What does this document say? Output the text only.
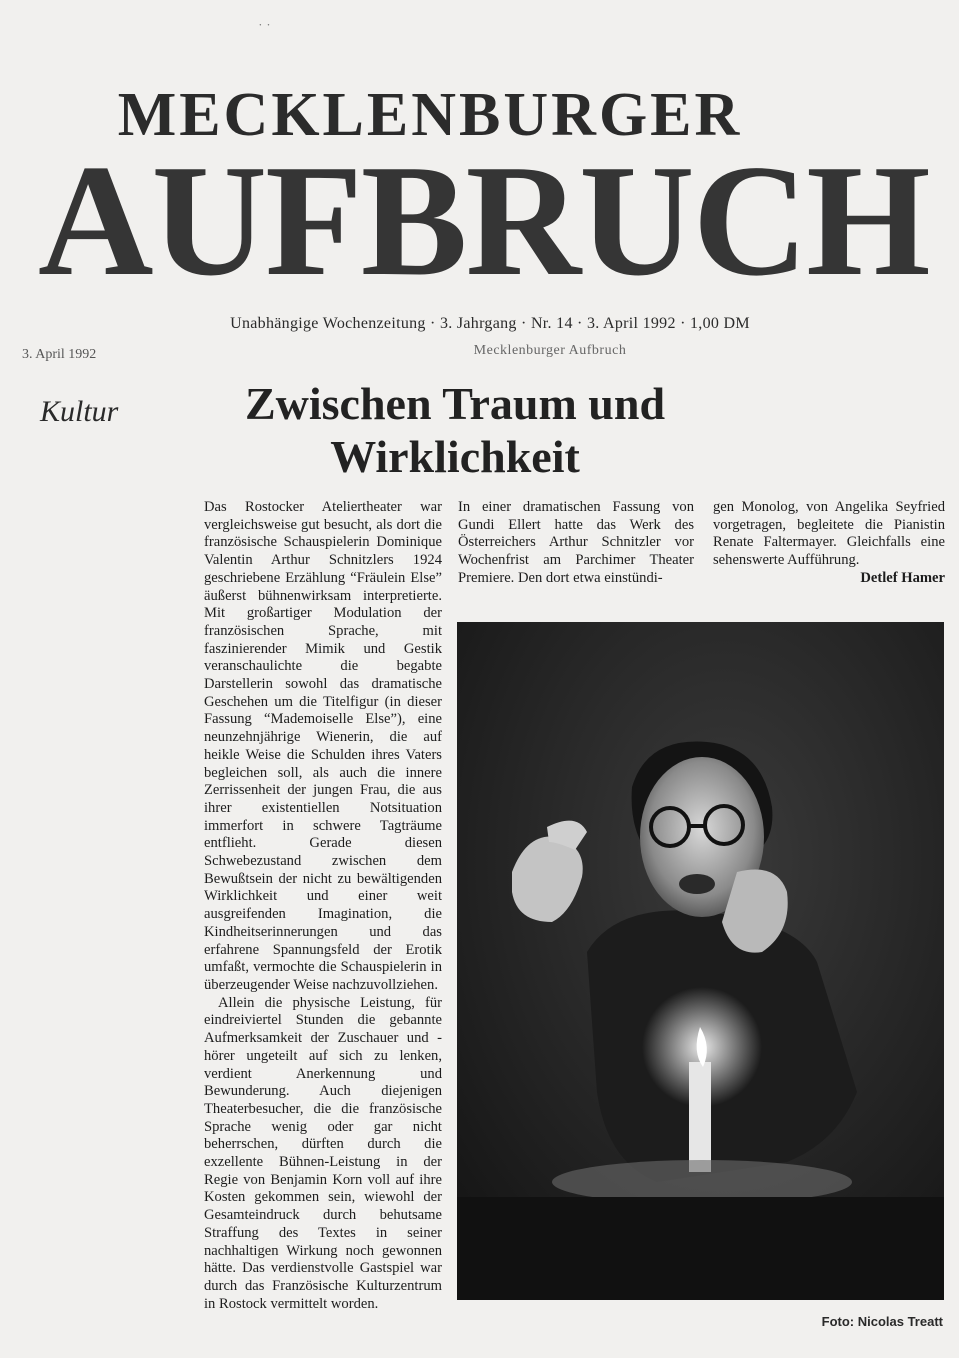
˙ ˙
MECKLENBURGER
AUFBRUCH
Unabhängige Wochenzeitung · 3. Jahrgang · Nr. 14 · 3. April 1992 · 1,00 DM
3. April 1992	Mecklenburger Aufbruch
Kultur	Zwischen Traum und Wirklichkeit

Das Rostocker Ateliertheater war vergleichsweise gut besucht, als dort die französische Schauspielerin Dominique Valentin Arthur Schnitzlers 1924 geschriebene Erzählung “Fräulein Else” äußerst bühnenwirksam interpretierte. Mit großartiger Modulation der französischen Sprache, mit faszinierender Mimik und Gestik veranschaulichte die begabte Darstellerin sowohl das dramatische Geschehen um die Titelfigur (in dieser Fassung “Mademoiselle Else”), eine neunzehnjährige Wienerin, die auf heikle Weise die Schulden ihres Vaters begleichen soll, als auch die innere Zerrissenheit der jungen Frau, die aus ihrer existentiellen Notsituation immerfort in schwere Tagträume entflieht. Gerade diesen Schwebezustand zwischen dem Bewußtsein der nicht zu bewältigenden Wirklichkeit und einer weit ausgreifenden Imagination, die Kindheitserinnerungen und das erfahrene Spannungsfeld der Erotik umfaßt, vermochte die Schauspielerin in überzeugender Weise nachzuvollziehen.

Allein die physische Leistung, für eindreiviertel Stunden die gebannte Aufmerksamkeit der Zuschauer und -hörer ungeteilt auf sich zu lenken, verdient Anerkennung und Bewunderung. Auch diejenigen Theaterbesucher, die die französische Sprache wenig oder gar nicht beherrschen, dürften durch die exzellente Bühnen-Leistung in der Regie von Benjamin Korn voll auf ihre Kosten gekommen sein, wiewohl der Gesamteindruck durch behutsame Straffung des Textes in seiner nachhaltigen Wirkung noch gewonnen hätte. Das verdienstvolle Gastspiel war durch das Französische Kulturzentrum in Rostock vermittelt worden.

In einer dramatischen Fassung von Gundi Ellert hatte das Werk des Österreichers Arthur Schnitzler vor Wochenfrist am Parchimer Theater Premiere. Den dort etwa einstündi-

gen Monolog, von Angelika Seyfried vorgetragen, begleitete die Pianistin Renate Faltermayer. Gleichfalls eine sehenswerte Aufführung.

Detlef Hamer
Foto: Nicolas Treatt
